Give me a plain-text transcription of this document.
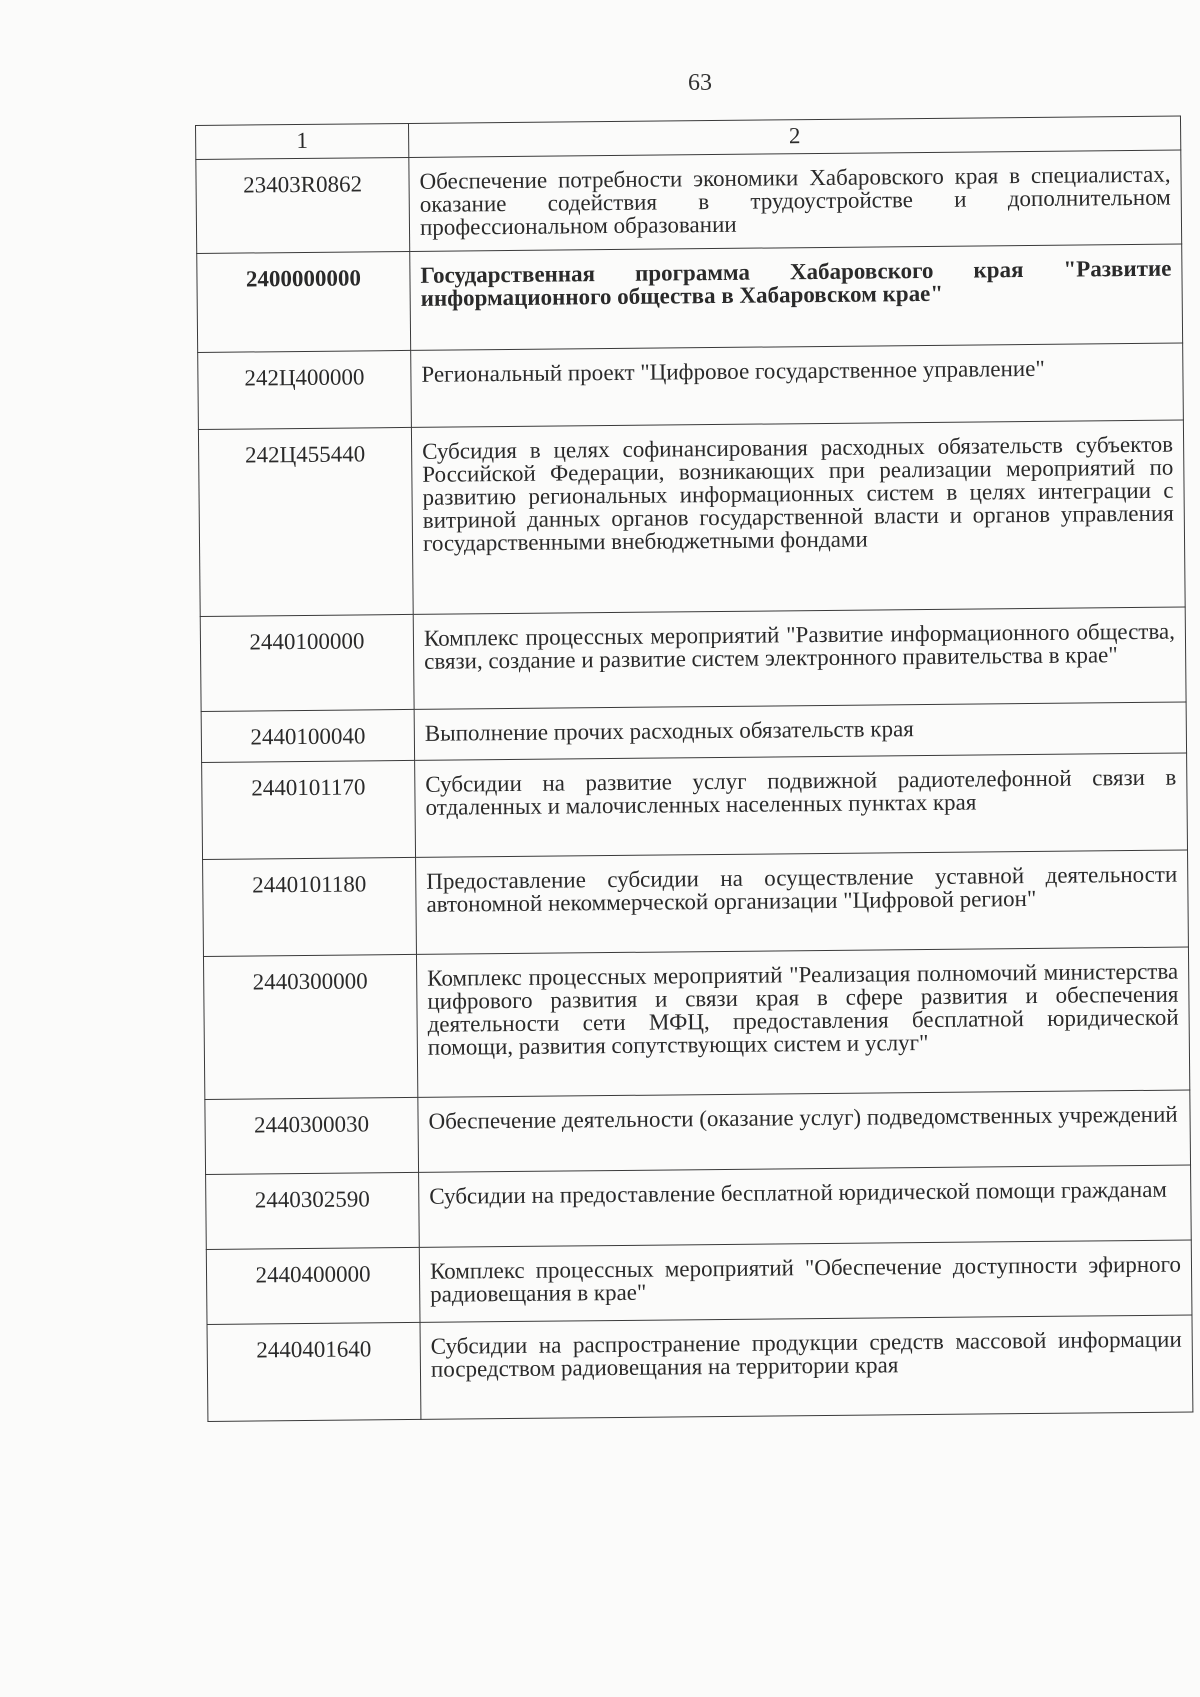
63
1	2
23403R0862	Обеспечение потребности экономики Хабаровского края в специалистах, оказание содействия в трудоустройстве и дополнительном профессиональном образовании
2400000000	Государственная программа Хабаровского края "Развитие информационного общества в Хабаровском крае"
242Ц400000	Региональный проект "Цифровое государственное управление"
242Ц455440	Субсидия в целях софинансирования расходных обязательств субъектов Российской Федерации, возникающих при реализации мероприятий по развитию региональных информационных систем в целях интеграции с витриной данных органов государственной власти и органов управления государственными внебюджетными фондами
2440100000	Комплекс процессных мероприятий "Развитие информационного общества, связи, создание и развитие систем электронного правительства в крае"
2440100040	Выполнение прочих расходных обязательств края
2440101170	Субсидии на развитие услуг подвижной радиотелефонной связи в отдаленных и малочисленных населенных пунктах края
2440101180	Предоставление субсидии на осуществление уставной деятельности автономной некоммерческой организации "Цифровой регион"
2440300000	Комплекс процессных мероприятий "Реализация полномочий министерства цифрового развития и связи края в сфере развития и обеспечения деятельности сети МФЦ, предоставления бесплатной юридической помощи, развития сопутствующих систем и услуг"
2440300030	Обеспечение деятельности (оказание услуг) подведомственных учреждений
2440302590	Субсидии на предоставление бесплатной юридической помощи гражданам
2440400000	Комплекс процессных мероприятий "Обеспечение доступности эфирного радиовещания в крае"
2440401640	Субсидии на распространение продукции средств массовой информации посредством радиовещания на территории края
